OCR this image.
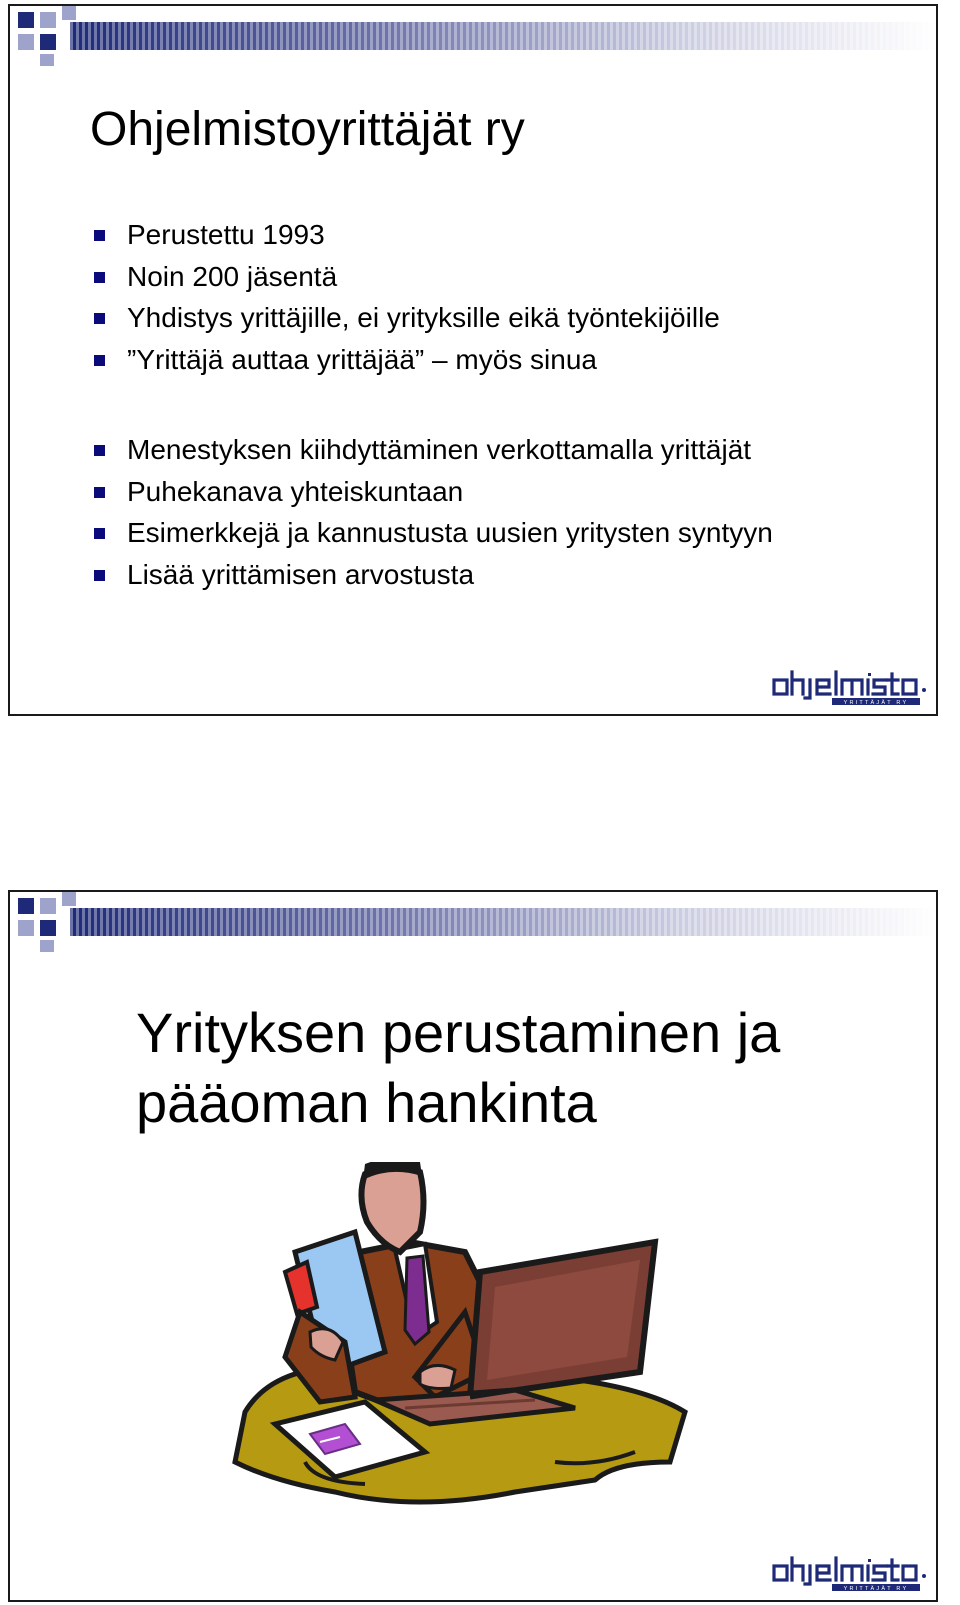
Ohjelmistoyrittäjät ry
Perustettu 1993
Noin 200 jäsentä
Yhdistys yrittäjille, ei yrityksille eikä työntekijöille
”Yrittäjä auttaa yrittäjää” – myös sinua
Menestyksen kiihdyttäminen verkottamalla yrittäjät
Puhekanava yhteiskuntaan
Esimerkkejä ja kannustusta uusien yritysten syntyyn
Lisää yrittämisen arvostusta
YRITTÄJÄT RY
Yrityksen perustaminen ja
pääoman hankinta
YRITTÄJÄT RY
